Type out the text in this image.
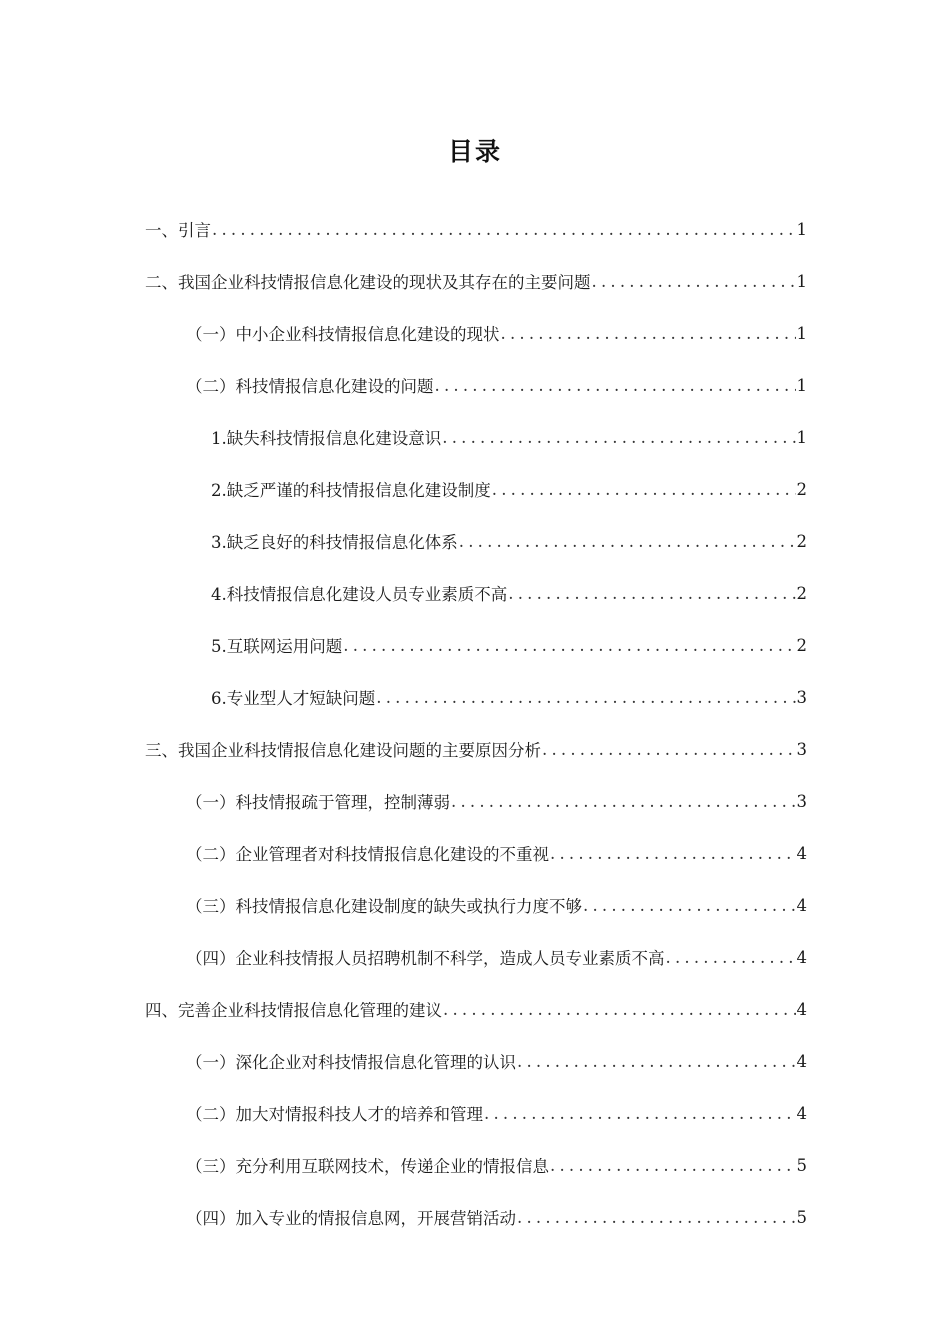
目录
一、引言 .....	1
二、我国企业科技情报信息化建设的现状及其存在的主要问题 .....	1
（一）中小企业科技情报信息化建设的现状 .....	1
（二）科技情报信息化建设的问题 .....	1
1.缺失科技情报信息化建设意识 .....	1
2.缺乏严谨的科技情报信息化建设制度 .....	2
3.缺乏良好的科技情报信息化体系 .....	2
4.科技情报信息化建设人员专业素质不高 .....	2
5.互联网运用问题 .....	2
6.专业型人才短缺问题 .....	3
三、我国企业科技情报信息化建设问题的主要原因分析 .....	3
（一）科技情报疏于管理，控制薄弱 .....	3
（二）企业管理者对科技情报信息化建设的不重视 .....	4
（三）科技情报信息化建设制度的缺失或执行力度不够 .....	4
（四）企业科技情报人员招聘机制不科学，造成人员专业素质不高 .....	4
四、完善企业科技情报信息化管理的建议 .....	4
（一）深化企业对科技情报信息化管理的认识 .....	4
（二）加大对情报科技人才的培养和管理 .....	4
（三）充分利用互联网技术，传递企业的情报信息 .....	5
（四）加入专业的情报信息网，开展营销活动 .....	5
